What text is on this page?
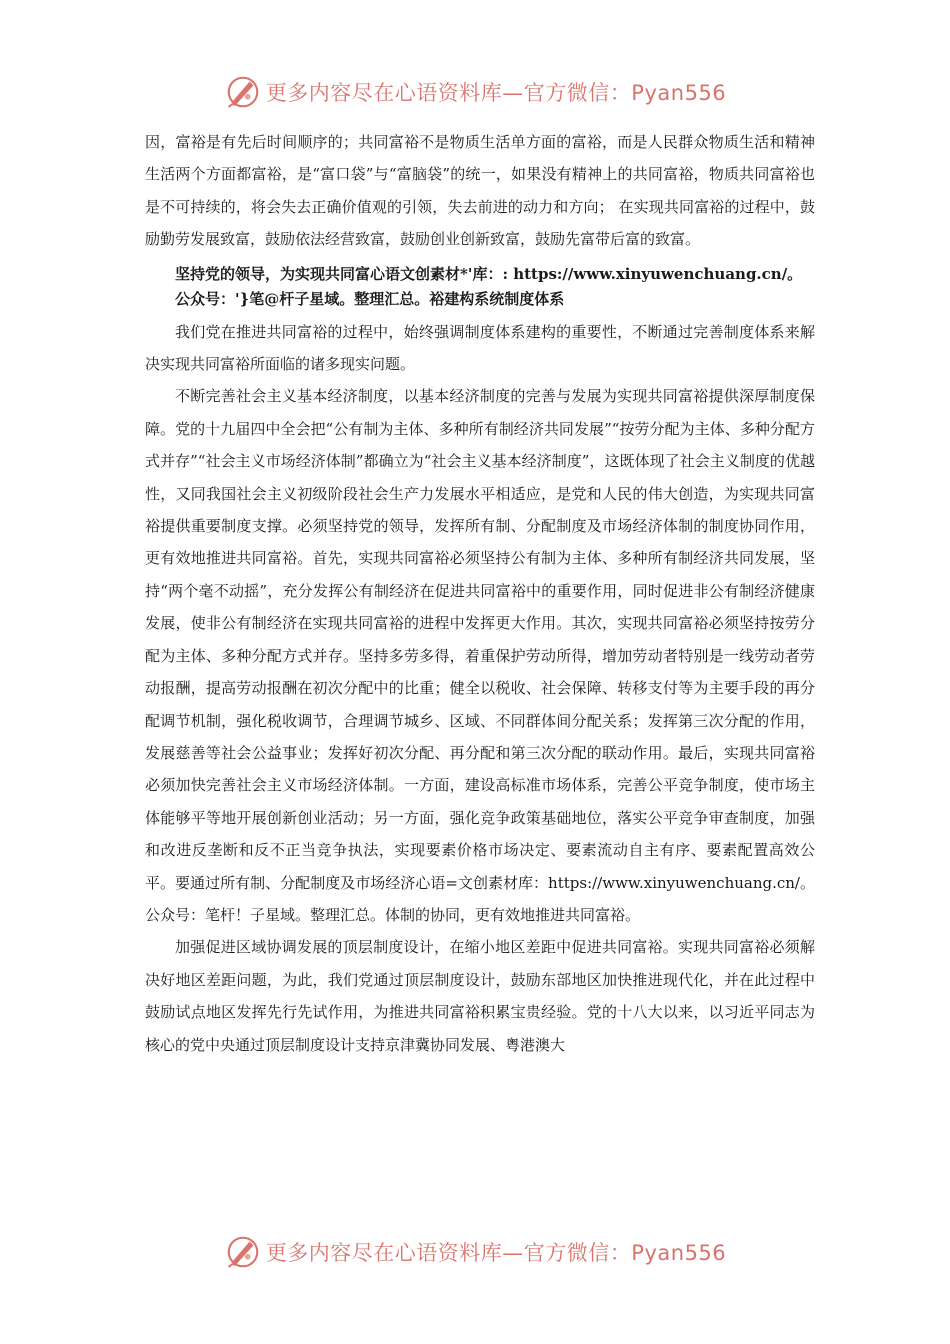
更多内容尽在心语资料库—官方微信：Pyan556

因，富裕是有先后时间顺序的；共同富裕不是物质生活单方面的富裕，而是人民群众物质生活和精神生活两个方面都富裕，是“富口袋”与“富脑袋”的统一，如果没有精神上的共同富裕，物质共同富裕也是不可持续的，将会失去正确价值观的引领，失去前进的动力和方向； 在实现共同富裕的过程中，鼓励勤劳发展致富，鼓励依法经营致富，鼓励创业创新致富，鼓励先富带后富的致富。

坚持党的领导，为实现共同富心语文创素材*'库：: https://www.xinyuwenchuang.cn/。公众号：'}笔@杆子星域。整理汇总。裕建构系统制度体系

我们党在推进共同富裕的过程中，始终强调制度体系建构的重要性，不断通过完善制度体系来解决实现共同富裕所面临的诸多现实问题。

不断完善社会主义基本经济制度，以基本经济制度的完善与发展为实现共同富裕提供深厚制度保障。党的十九届四中全会把“公有制为主体、多种所有制经济共同发展”“按劳分配为主体、多种分配方式并存”“社会主义市场经济体制”都确立为“社会主义基本经济制度”，这既体现了社会主义制度的优越性，又同我国社会主义初级阶段社会生产力发展水平相适应，是党和人民的伟大创造，为实现共同富裕提供重要制度支撑。必须坚持党的领导，发挥所有制、分配制度及市场经济体制的制度协同作用，更有效地推进共同富裕。首先，实现共同富裕必须坚持公有制为主体、多种所有制经济共同发展，坚持“两个毫不动摇”，充分发挥公有制经济在促进共同富裕中的重要作用，同时促进非公有制经济健康发展，使非公有制经济在实现共同富裕的进程中发挥更大作用。其次，实现共同富裕必须坚持按劳分配为主体、多种分配方式并存。坚持多劳多得，着重保护劳动所得，增加劳动者特别是一线劳动者劳动报酬，提高劳动报酬在初次分配中的比重；健全以税收、社会保障、转移支付等为主要手段的再分配调节机制，强化税收调节，合理调节城乡、区域、不同群体间分配关系；发挥第三次分配的作用，发展慈善等社会公益事业；发挥好初次分配、再分配和第三次分配的联动作用。最后，实现共同富裕必须加快完善社会主义市场经济体制。一方面，建设高标准市场体系，完善公平竞争制度，使市场主体能够平等地开展创新创业活动；另一方面，强化竞争政策基础地位，落实公平竞争审查制度，加强和改进反垄断和反不正当竞争执法，实现要素价格市场决定、要素流动自主有序、要素配置高效公平。要通过所有制、分配制度及市场经济心语=文创素材库：https://www.xinyuwenchuang.cn/。公众号：笔杆！子星域。整理汇总。体制的协同，更有效地推进共同富裕。

加强促进区域协调发展的顶层制度设计，在缩小地区差距中促进共同富裕。实现共同富裕必须解决好地区差距问题，为此，我们党通过顶层制度设计，鼓励东部地区加快推进现代化，并在此过程中鼓励试点地区发挥先行先试作用，为推进共同富裕积累宝贵经验。党的十八大以来，以习近平同志为核心的党中央通过顶层制度设计支持京津冀协同发展、粤港澳大

更多内容尽在心语资料库—官方微信：Pyan556
